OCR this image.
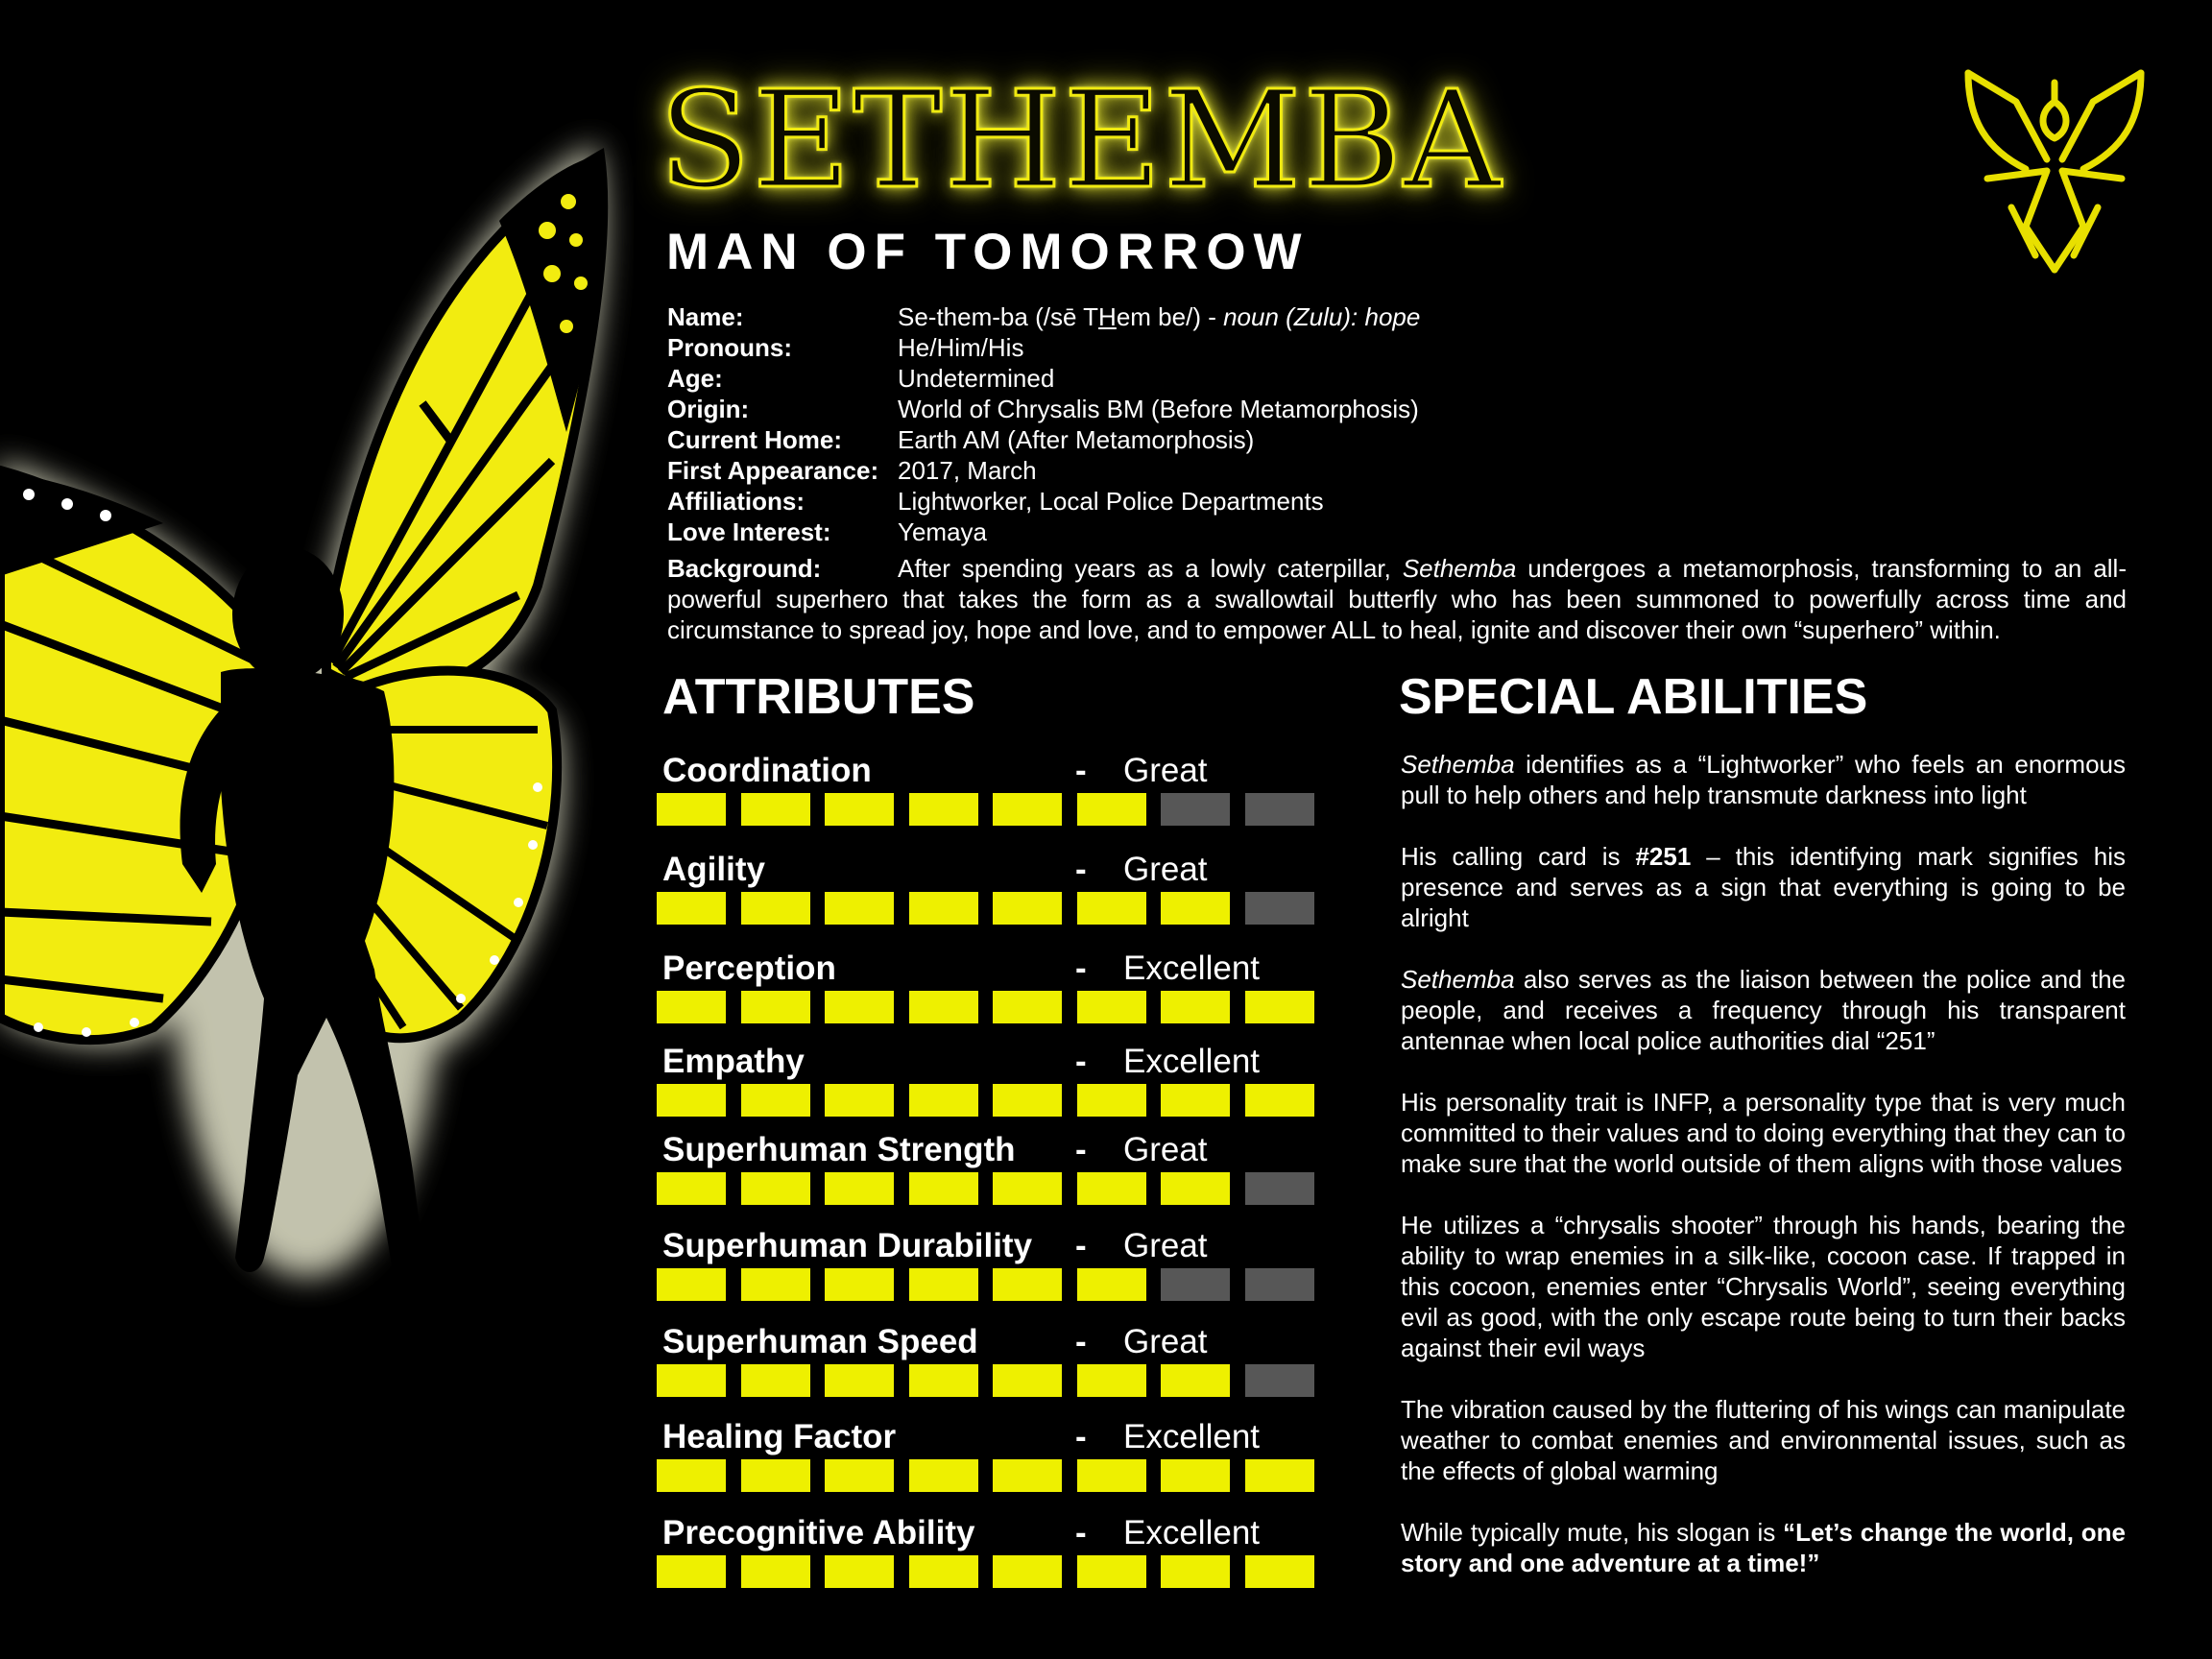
SETHEMBA
MAN OF TOMORROW
Name:	Se-them-ba (/sē THem be/) - noun (Zulu): hope
Pronouns:	He/Him/His
Age:	Undetermined
Origin:	World of Chrysalis BM (Before Metamorphosis)
Current Home: Earth AM (After Metamorphosis)
First Appearance: 2017, March
Affiliations:	Lightworker, Local Police Departments
Love Interest:	Yemaya
Background:	After spending years as a lowly caterpillar, Sethemba undergoes a metamorphosis, transforming to an all-powerful superhero that takes the form as a swallowtail butterfly who has been summoned to powerfully across time and circumstance to spread joy, hope and love, and to empower ALL to heal, ignite and discover their own “superhero” within.
ATTRIBUTES	SPECIAL ABILITIES
Coordination	- Great
Agility	- Great
Perception	- Excellent
Empathy	- Excellent
Superhuman Strength - Great
Superhuman Durability - Great
Superhuman Speed	- Great
Healing Factor	- Excellent
Precognitive Ability	- Excellent

Sethemba identifies as a “Lightworker” who feels an enormous pull to help others and help transmute darkness into light

His calling card is #251 – this identifying mark signifies his presence and serves as a sign that everything is going to be alright

Sethemba also serves as the liaison between the police and the people, and receives a frequency through his transparent antennae when local police authorities dial “251”

His personality trait is INFP, a personality type that is very much committed to their values and to doing everything that they can to make sure that the world outside of them aligns with those values

He utilizes a “chrysalis shooter” through his hands, bearing the ability to wrap enemies in a silk-like, cocoon case. If trapped in this cocoon, enemies enter “Chrysalis World”, seeing everything evil as good, with the only escape route being to turn their backs against their evil ways

The vibration caused by the fluttering of his wings can manipulate weather to combat enemies and environmental issues, such as the effects of global warming

While typically mute, his slogan is “Let’s change the world, one story and one adventure at a time!”
